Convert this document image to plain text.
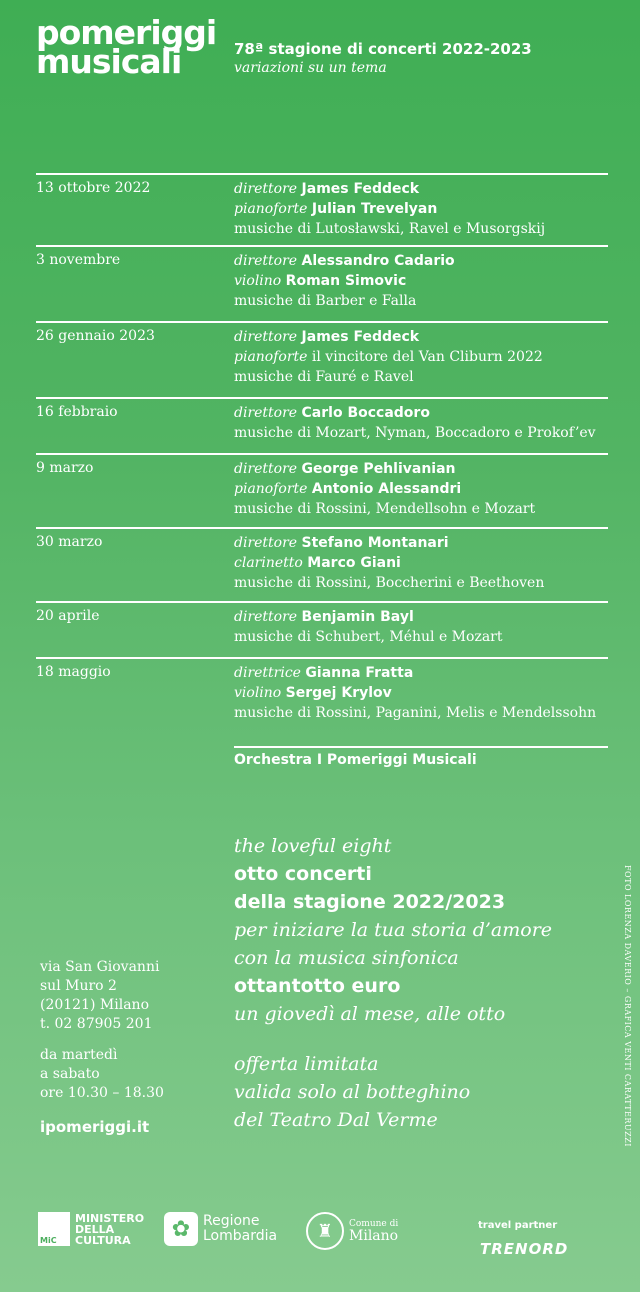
pomeriggi
musicali	78ª stagione di concerti 2022-2023
variazioni su un tema
13 ottobre 2022	direttore James Feddeck
pianoforte Julian Trevelyan
musiche di Lutosławski, Ravel e Musorgskij
3 novembre	direttore Alessandro Cadario
violino Roman Simovic
musiche di Barber e Falla
26 gennaio 2023	direttore James Feddeck
pianoforte il vincitore del Van Cliburn 2022
musiche di Fauré e Ravel
16 febbraio	direttore Carlo Boccadoro
musiche di Mozart, Nyman, Boccadoro e Prokof’ev
9 marzo	direttore George Pehlivanian
pianoforte Antonio Alessandri
musiche di Rossini, Mendellsohn e Mozart
30 marzo	direttore Stefano Montanari
clarinetto Marco Giani
musiche di Rossini, Boccherini e Beethoven
20 aprile	direttore Benjamin Bayl
musiche di Schubert, Méhul e Mozart
18 maggio	direttrice Gianna Fratta
violino Sergej Krylov
musiche di Rossini, Paganini, Melis e Mendelssohn
Orchestra I Pomeriggi Musicali
the loveful eight
otto concerti
della stagione 2022/2023
per iniziare la tua storia d’amore
con la musica sinfonica
ottantotto euro
un giovedì al mese, alle otto
offerta limitata
valida solo al botteghino
del Teatro Dal Verme
via San Giovanni
sul Muro 2
(20121) Milano
t. 02 87905 201
da martedì
a sabato
ore 10.30 – 18.30
ipomeriggi.it	FOTO LORENZA DAVERIO – GRAFICA VENTI CARATTERUZZI
MiC
MINISTERO
DELLA
CULTURA	✿ Regione
Lombardia	♜	Comune di
Milano
travel partner
TRENORD
